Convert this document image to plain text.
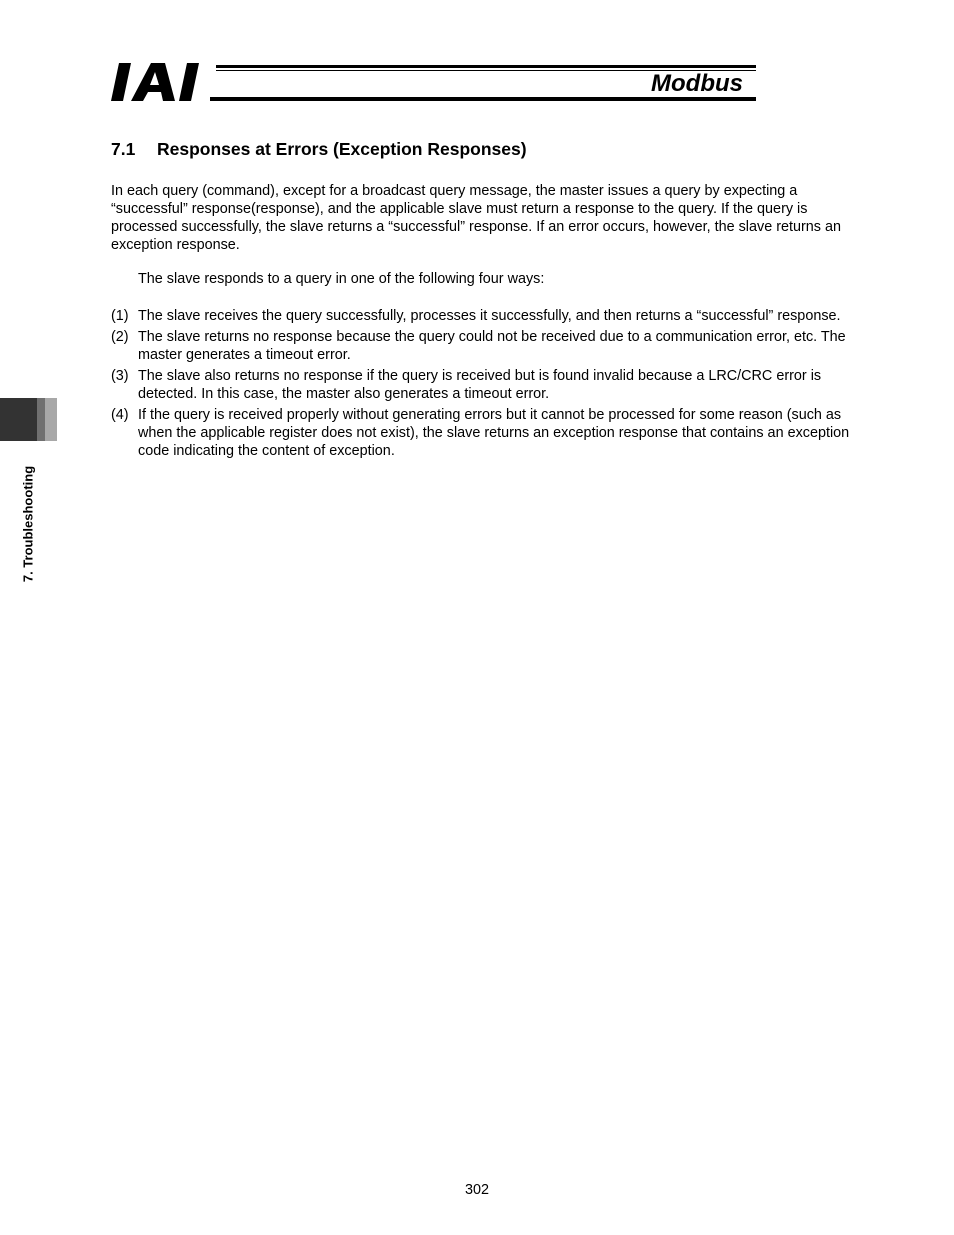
Modbus
7.1 Responses at Errors (Exception Responses)
In each query (command), except for a broadcast query message, the master issues a query by expecting a “successful” response(response), and the applicable slave must return a response to the query. If the query is processed successfully, the slave returns a “successful” response. If an error occurs, however, the slave returns an exception response.
The slave responds to a query in one of the following four ways:
(1) The slave receives the query successfully, processes it successfully, and then returns a “successful” response.
(2) The slave returns no response because the query could not be received due to a communication error, etc. The master generates a timeout error.
(3) The slave also returns no response if the query is received but is found invalid because a LRC/CRC error is detected. In this case, the master also generates a timeout error.
(4) If the query is received properly without generating errors but it cannot be processed for some reason (such as when the applicable register does not exist), the slave returns an exception response that contains an exception code indicating the content of exception.
7. Troubleshooting
302
